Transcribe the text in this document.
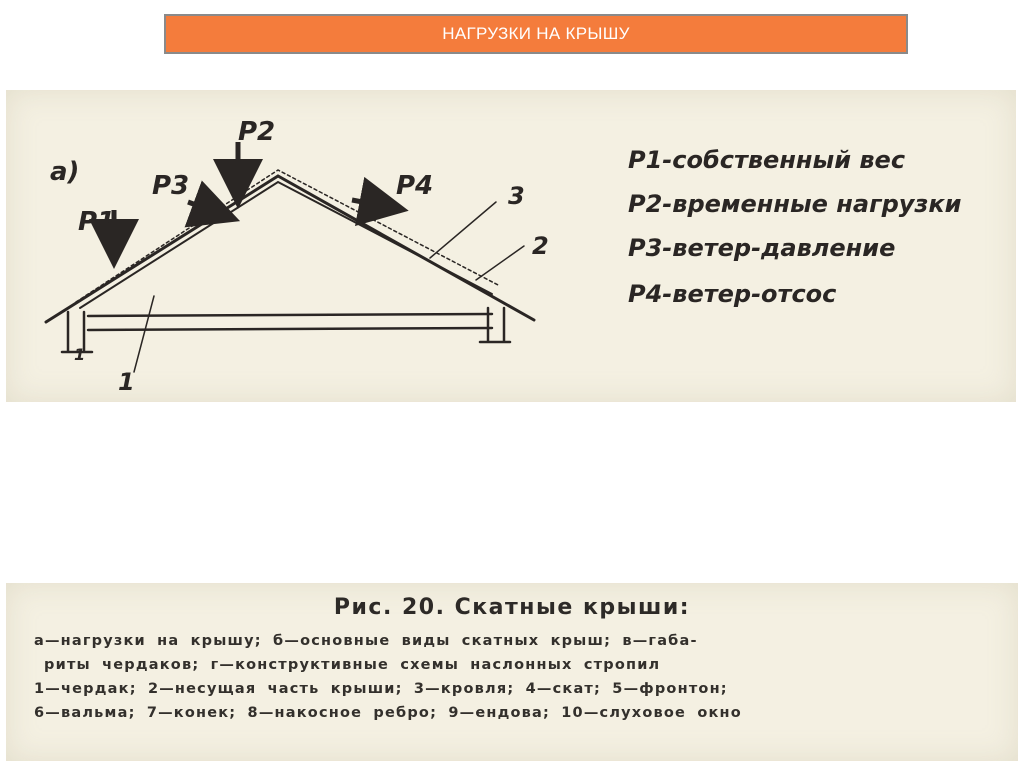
НАГРУЗКИ НА КРЫШУ
а)
P1
P2
P3	P4
1
2
3
1
P1-собственный вес
P2-временные нагрузки
P3-ветер-давление
P4-ветер-отсос
Рис. 20. Скатные крыши:
а—нагрузки на крышу; б—основные виды скатных крыш; в—габа-
риты чердаков; г—конструктивные схемы наслонных стропил
1—чердак; 2—несущая часть крыши; 3—кровля; 4—скат; 5—фронтон;
6—вальма; 7—конек; 8—накосное ребро; 9—ендова; 10—слуховое окно
